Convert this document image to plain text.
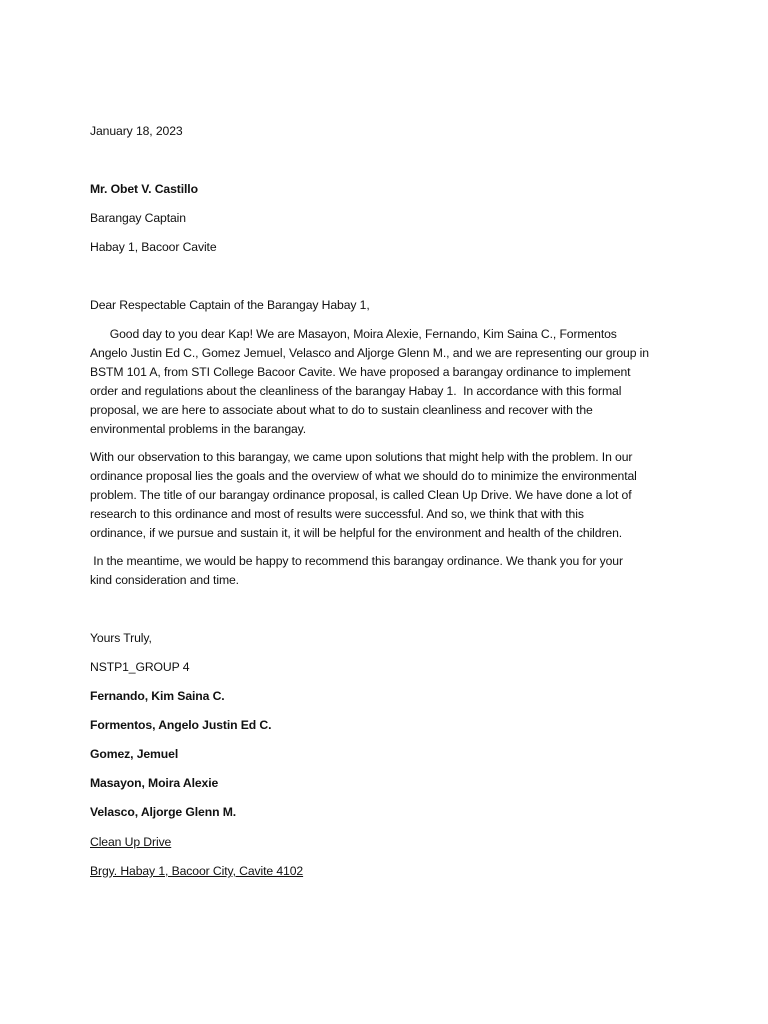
January 18, 2023
Mr. Obet V. Castillo
Barangay Captain
Habay 1, Bacoor Cavite
Dear Respectable Captain of the Barangay Habay 1,
Good day to you dear Kap! We are Masayon, Moira Alexie, Fernando, Kim Saina C., Formentos
Angelo Justin Ed C., Gomez Jemuel, Velasco and Aljorge Glenn M., and we are representing our group in
BSTM 101 A, from STI College Bacoor Cavite. We have proposed a barangay ordinance to implement
order and regulations about the cleanliness of the barangay Habay 1.  In accordance with this formal
proposal, we are here to associate about what to do to sustain cleanliness and recover with the
environmental problems in the barangay.
With our observation to this barangay, we came upon solutions that might help with the problem. In our
ordinance proposal lies the goals and the overview of what we should do to minimize the environmental
problem. The title of our barangay ordinance proposal, is called Clean Up Drive. We have done a lot of
research to this ordinance and most of results were successful. And so, we think that with this
ordinance, if we pursue and sustain it, it will be helpful for the environment and health of the children.
In the meantime, we would be happy to recommend this barangay ordinance. We thank you for your
kind consideration and time.
Yours Truly,
NSTP1_GROUP 4
Fernando, Kim Saina C.
Formentos, Angelo Justin Ed C.
Gomez, Jemuel
Masayon, Moira Alexie
Velasco, Aljorge Glenn M.
Clean Up Drive
Brgy. Habay 1, Bacoor City, Cavite 4102
